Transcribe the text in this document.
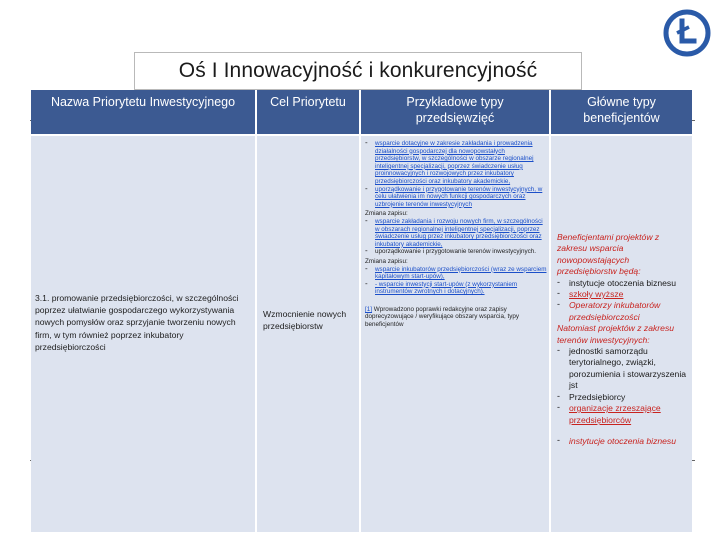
Oś I Innowacyjność i konkurencyjność
Nazwa Priorytetu Inwestycyjnego	Cel Priorytetu	Przykładowe typy
przedsięwzięć
Główne typy
beneficjentów
3.1. promowanie przedsiębiorczości, w szczególności poprzez ułatwianie gospodarczego wykorzystywania nowych pomysłów oraz sprzyjanie tworzeniu nowych firm, w tym również poprzez inkubatory przedsiębiorczości
Wzmocnienie nowych przedsiębiorstw
- wsparcie dotacyjne w zakresie zakładania i prowadzenia działalności gospodarczej dla nowopowstałych przedsiębiorstw, w szczególności w obszarze regionalnej inteligentnej specjalizacji, poprzez świadczenie usług proinnowacyjnych i rozwojowych przez inkubatory przedsiębiorczości oraz inkubatory akademickie,
- uporządkowanie i przygotowanie terenów inwestycyjnych, w celu ułatwienia im nowych funkcji gospodarczych oraz uzbrojenie terenów inwestycyjnych
Zmiana zapisu:
- wsparcie zakładania i rozwoju nowych firm, w szczególności w obszarach regionalnej inteligentnej specjalizacji, poprzez świadczenie usług przez inkubatory przedsiębiorczości oraz inkubatory akademickie,
- uporządkowanie i przygotowanie terenów inwestycyjnych.
Zmiana zapisu:
- wsparcie inkubatorów przedsiębiorczości (wraz ze wsparciem kapitałowym start-upów),
- - wsparcie inwestycji start-upów (z wykorzystaniem instrumentów zwrotnych i dotacyjnych).
[1] Wprowadzono poprawki redakcyjne oraz zapisy doprecyzowujące / weryfikujące obszary wsparcia, typy beneficjentów
Beneficjentami projektów z zakresu wsparcia nowopowstających przedsiębiorstw będą:
- instytucje otoczenia biznesu
- szkoły wyższe
- Operatorzy inkubatorów przedsiębiorczości
Natomiast projektów z zakresu terenów inwestycyjnych:
- jednostki samorządu terytorialnego, związki, porozumienia i stowarzyszenia jst
- Przedsiębiorcy
- organizacje zrzeszające przedsiębiorców
- instytucje otoczenia biznesu
